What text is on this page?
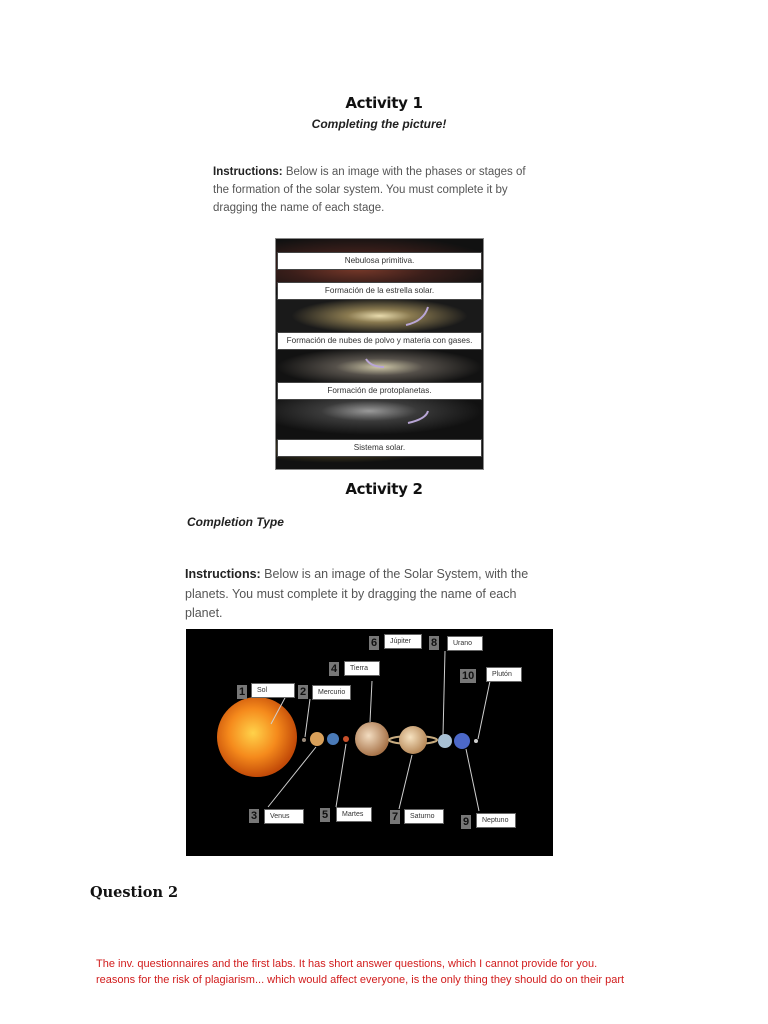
Activity 1
Completing the picture!
Instructions: Below is an image with the phases or stages of the formation of the solar system. You must complete it by dragging the name of each stage.
Nebulosa primitiva.
Formación de la estrella solar.
Formación de nubes de polvo y materia con gases.
Formación de protoplanetas.
Sistema solar.
Activity 2
Completion Type
Instructions: Below is an image of the Solar System, with the planets. You must complete it by dragging the name of each planet.
1	Sol	2	Mercurio
3	Venus
4	Tierra
5	Martes
6	Júpiter
7	Saturno
8	Urano
9	Neptuno
10	Plutón
Question 2
The inv. questionnaires and the first labs. It has short answer questions, which I cannot provide for you.
reasons for the risk of plagiarism... which would affect everyone, is the only thing they should do on their part
